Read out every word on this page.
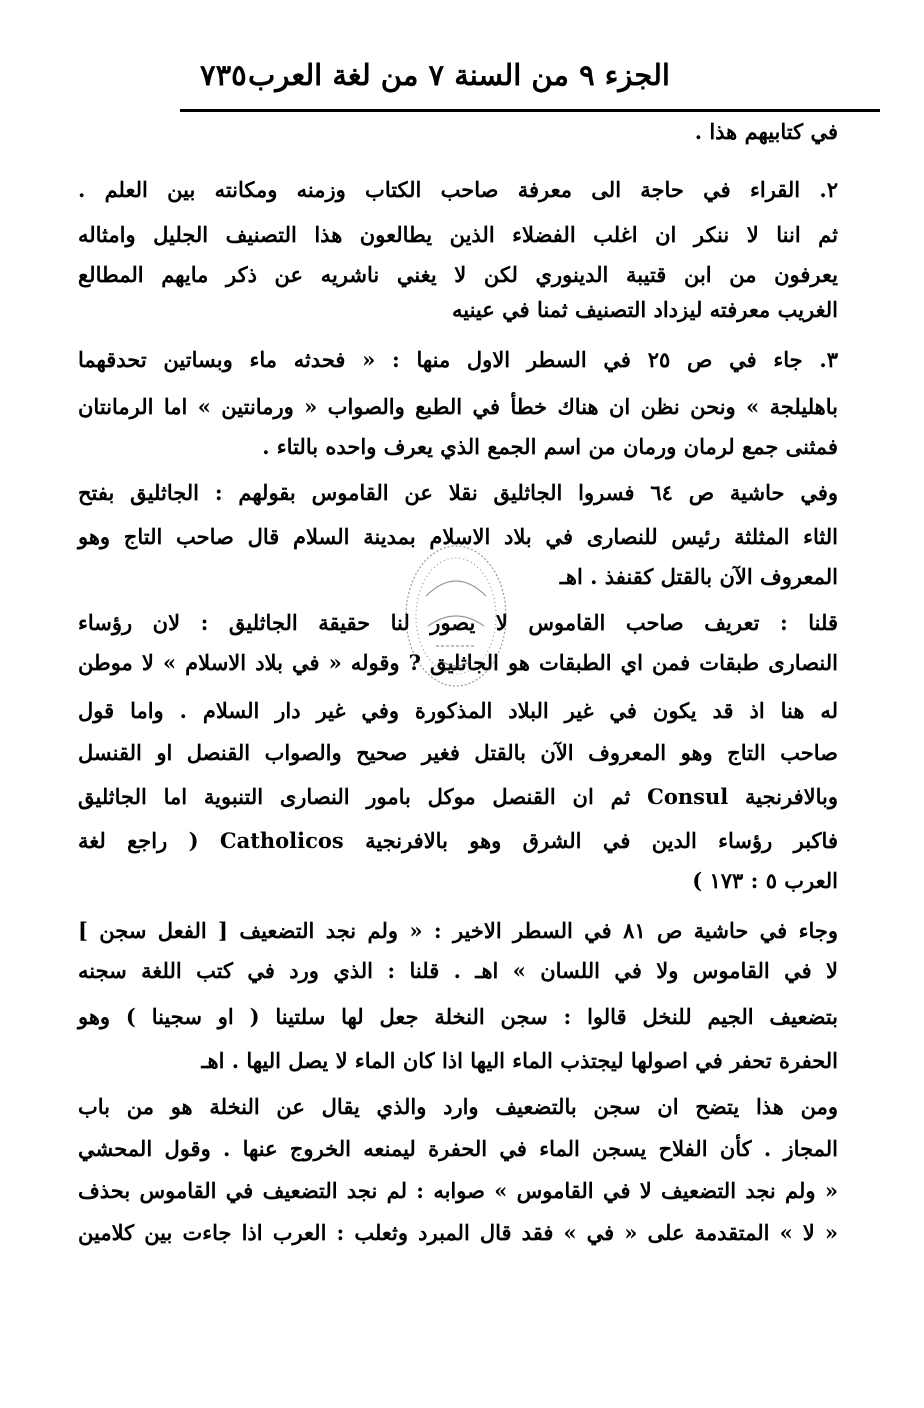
الجزء ٩ من السنة ٧ من لغة العرب
٧٣٥
في كتابيهم هذا .
٢. القراء في حاجة الى معرفة صاحب الكتاب وزمنه ومكانته بين العلم .
ثم اننا لا ننكر ان اغلب الفضلاء الذين يطالعون هذا التصنيف الجليل وامثاله
يعرفون من ابن قتيبة الدينوري لكن لا يغني ناشريه عن ذكر مايهم المطالع
الغريب معرفته ليزداد التصنيف ثمنا في عينيه
٣. جاء في ص ٢٥ في السطر الاول منها : « فحدثه ماء وبساتين تحدقهما
باهليلجة » ونحن نظن ان هناك خطأ في الطبع والصواب « ورمانتين » اما الرمانتان
فمثنى جمع لرمان ورمان من اسم الجمع الذي يعرف واحده بالتاء .
وفي حاشية ص ٦٤ فسروا الجاثليق نقلا عن القاموس بقولهم : الجاثليق بفتح
الثاء المثلثة رئيس للنصارى في بلاد الاسلام بمدينة السلام قال صاحب التاج وهو
المعروف الآن بالقتل كقنفذ . اهـ
قلنا : تعريف صاحب القاموس لا يصور لنا حقيقة الجاثليق : لان رؤساء
النصارى طبقات فمن اي الطبقات هو الجاثليق ? وقوله « في بلاد الاسلام » لا موطن
له هنا اذ قد يكون في غير البلاد المذكورة وفي غير دار السلام . واما قول
صاحب التاج وهو المعروف الآن بالقتل فغير صحيح والصواب القنصل او القنسل
وبالافرنجية Consul ثم ان القنصل موكل بامور النصارى التنبوية اما الجاثليق
فاكبر رؤساء الدين في الشرق وهو بالافرنجية Catholicos ( راجع لغة
العرب ٥ : ١٧٣ )
وجاء في حاشية ص ٨١ في السطر الاخير : « ولم نجد التضعيف [ الفعل سجن ]
لا في القاموس ولا في اللسان » اهـ . قلنا : الذي ورد في كتب اللغة سجنه
بتضعيف الجيم للنخل قالوا : سجن النخلة جعل لها سلتينا ( او سجينا ) وهو
الحفرة تحفر في اصولها ليجتذب الماء اليها اذا كان الماء لا يصل اليها . اهـ
ومن هذا يتضح ان سجن بالتضعيف وارد والذي يقال عن النخلة هو من باب
المجاز . كأن الفلاح يسجن الماء في الحفرة ليمنعه الخروج عنها . وقول المحشي
« ولم نجد التضعيف لا في القاموس » صوابه : لم نجد التضعيف في القاموس بحذف
« لا » المتقدمة على « في » فقد قال المبرد وثعلب : العرب اذا جاءت بين كلامين
